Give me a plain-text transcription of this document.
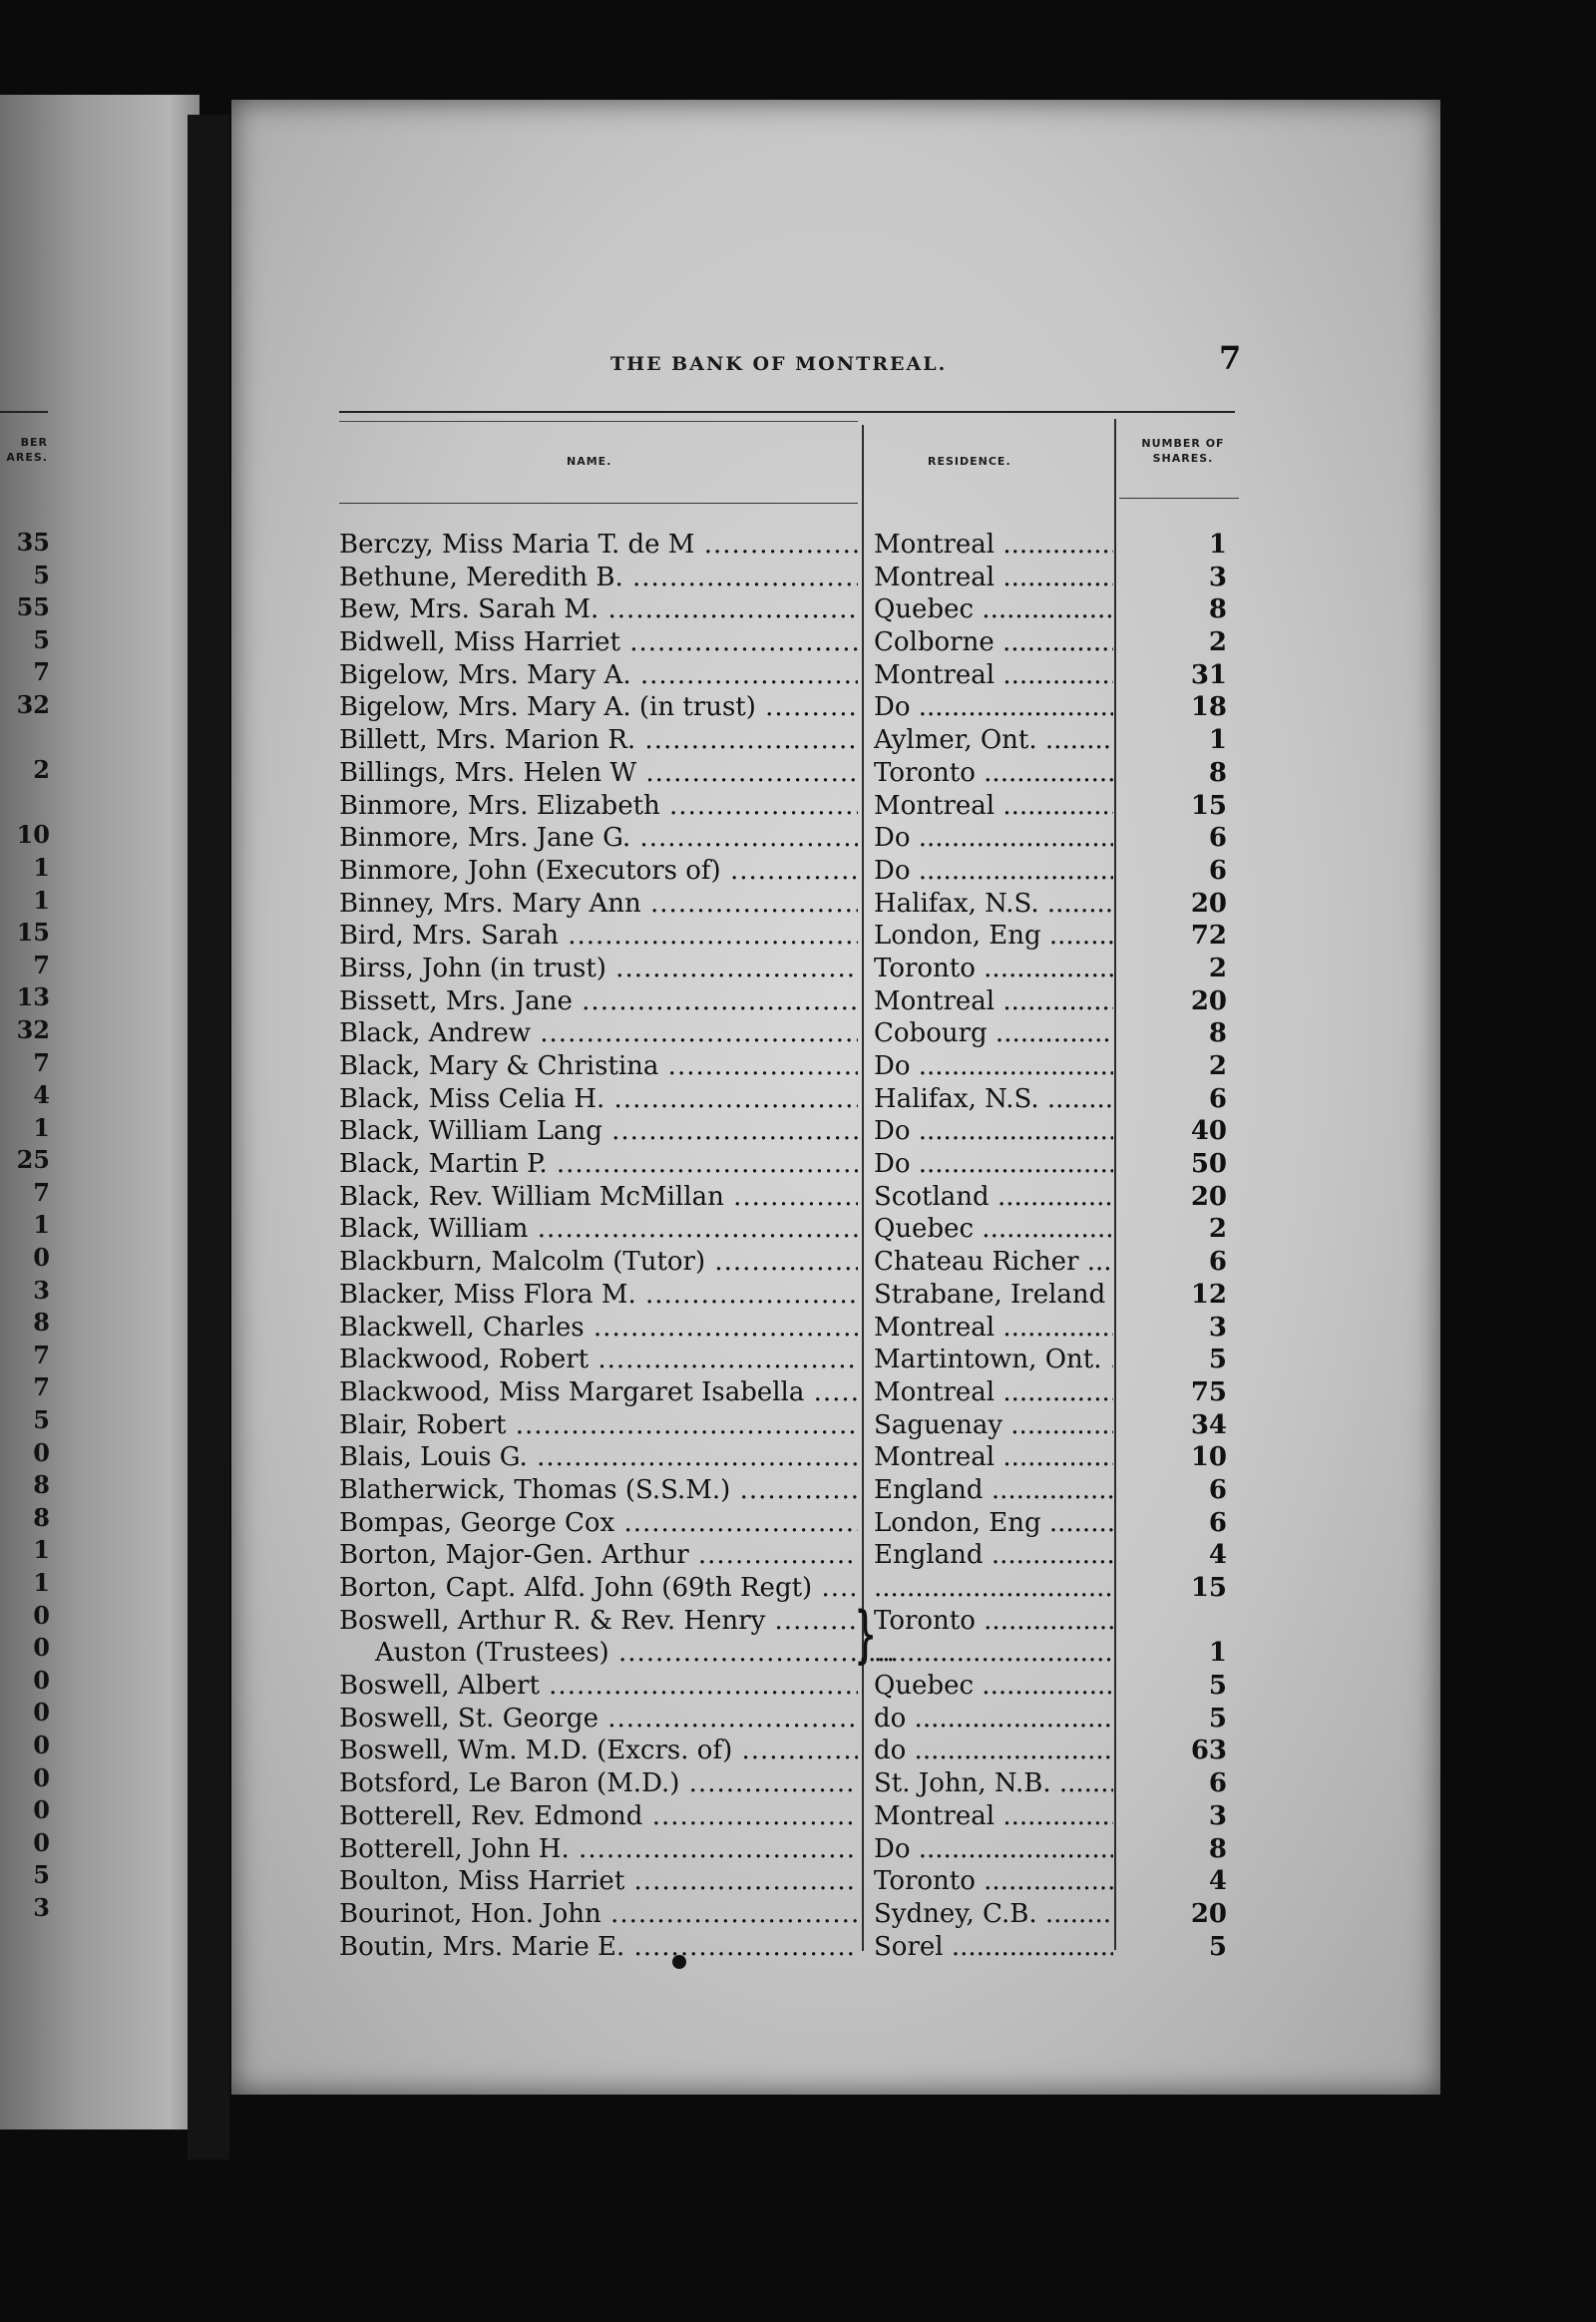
BER
ARES.
35
5
55
5
7
32
2
10
1
1
15
7
13
32
7
4
1
25
7
1
0
3
8
7
7
5
0
8
8
1
1
0
0
0
0
0
0
0
0
5
3
THE BANK OF MONTREAL.	7
NAME.	RESIDENCE.
NUMBER OF SHARES.
Berczy, Miss Maria T. de M .....	Montreal .....	1
Bethune, Meredith B. .....	Montreal .....	3
Bew, Mrs. Sarah M. .....	Quebec .....	8
Bidwell, Miss Harriet .....	Colborne .....	2
Bigelow, Mrs. Mary A. .....	Montreal .....	31
Bigelow, Mrs. Mary A. (in trust) .....	Do .....	18
Billett, Mrs. Marion R. .....	Aylmer, Ont. .....	1
Billings, Mrs. Helen W .....	Toronto .....	8
Binmore, Mrs. Elizabeth .....	Montreal .....	15
Binmore, Mrs. Jane G. .....	Do .....	6
Binmore, John (Executors of) .....	Do .....	6
Binney, Mrs. Mary Ann .....	Halifax, N.S. .....	20
Bird, Mrs. Sarah .....	London, Eng .....	72
Birss, John (in trust) .....	Toronto .....	2
Bissett, Mrs. Jane .....	Montreal .....	20
Black, Andrew .....	Cobourg .....	8
Black, Mary & Christina .....	Do .....	2
Black, Miss Celia H. .....	Halifax, N.S. .....	6
Black, William Lang .....	Do .....	40
Black, Martin P. .....	Do .....	50
Black, Rev. William McMillan .....	Scotland .....	20
Black, William .....	Quebec .....	2
Blackburn, Malcolm (Tutor) .....	Chateau Richer .....	6
Blacker, Miss Flora M. .....	Strabane, Ireland .....	12
Blackwell, Charles .....	Montreal .....	3
Blackwood, Robert .....	Martintown, Ont. .....	5
Blackwood, Miss Margaret Isabella .....	Montreal .....	75
Blair, Robert .....	Saguenay .....	34
Blais, Louis G. .....	Montreal .....	10
Blatherwick, Thomas (S.S.M.) .....	England .....	6
Bompas, George Cox .....	London, Eng .....	6
Borton, Major-Gen. Arthur .....	England .....	4
Borton, Capt. Alfd. John (69th Regt) ..... .....	15
Boswell, Arthur R. & Rev. Henry .....	Toronto .....
Auston (Trustees) ..... .....	1
Boswell, Albert .....	Quebec .....	5
Boswell, St. George .....	do .....	5
Boswell, Wm. M.D. (Excrs. of) .....	do .....	63
Botsford, Le Baron (M.D.) .....	St. John, N.B. .....	6
Botterell, Rev. Edmond .....	Montreal .....	3
Botterell, John H. .....	Do .....	8
Boulton, Miss Harriet .....	Toronto .....	4
Bourinot, Hon. John .....	Sydney, C.B. .....	20
Boutin, Mrs. Marie E. .....	Sorel .....	5
}
